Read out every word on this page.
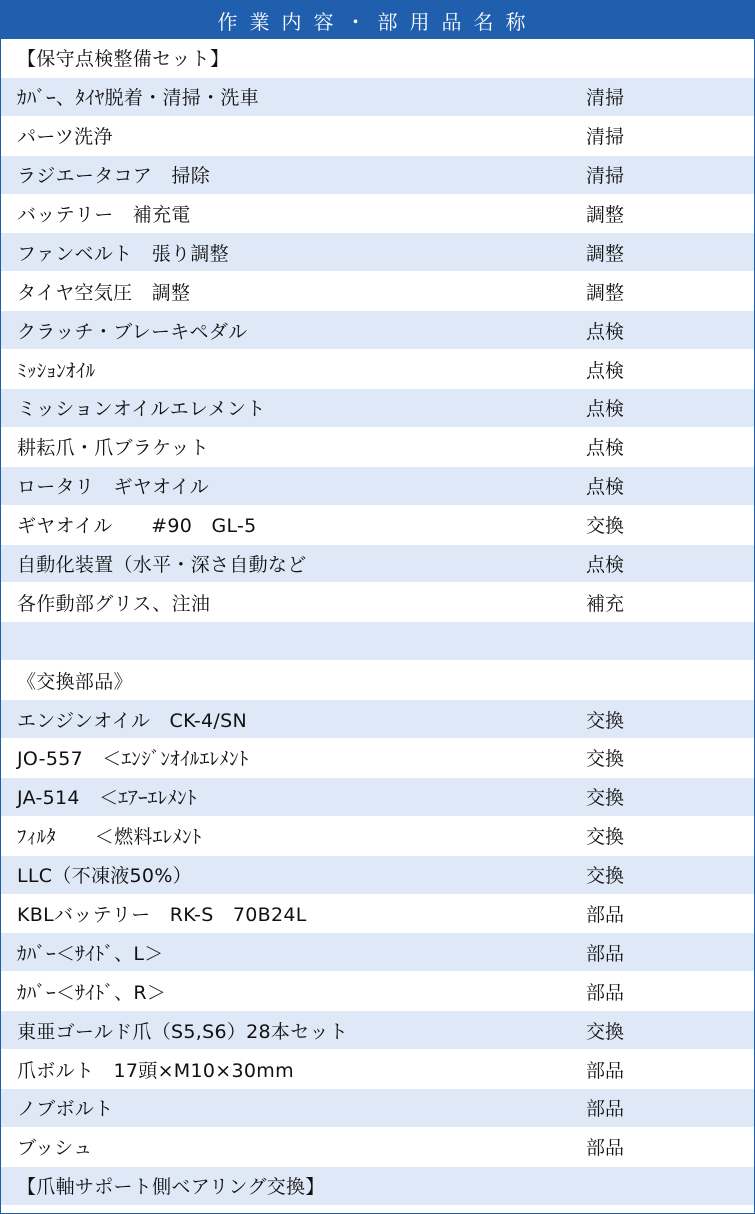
作業内容・部用品名称
【保守点検整備セット】
ｶﾊﾞｰ、ﾀｲﾔ脱着・清掃・洗車	清掃
パーツ洗浄	清掃
ラジエータコア　掃除	清掃
バッテリー　補充電	調整
ファンベルト　張り調整	調整
タイヤ空気圧　調整	調整
クラッチ・ブレーキペダル	点検
ﾐｯｼｮﾝｵｲﾙ	点検
ミッションオイルエレメント	点検
耕耘爪・爪ブラケット	点検
ロータリ　ギヤオイル	点検
ギヤオイル　　#90　GL-5	交換
自動化装置（水平・深さ自動など	点検
各作動部グリス、注油	補充
《交換部品》
エンジンオイル　CK-4/SN	交換
JO-557　＜ｴﾝｼﾞﾝｵｲﾙｴﾚﾒﾝﾄ	交換
JA-514　＜ｴｱｰｴﾚﾒﾝﾄ	交換
ﾌｨﾙﾀ　　＜燃料ｴﾚﾒﾝﾄ	交換
LLC（不凍液50%）	交換
KBLバッテリー　RK-S　70B24L	部品
ｶﾊﾞｰ＜ｻｲﾄﾞ、L＞	部品
ｶﾊﾞｰ＜ｻｲﾄﾞ、R＞	部品
東亜ゴールド爪（S5,S6）28本セット	交換
爪ボルト　17頭×M10×30mm	部品
ノブボルト	部品
ブッシュ	部品
【爪軸サポート側ベアリング交換】
